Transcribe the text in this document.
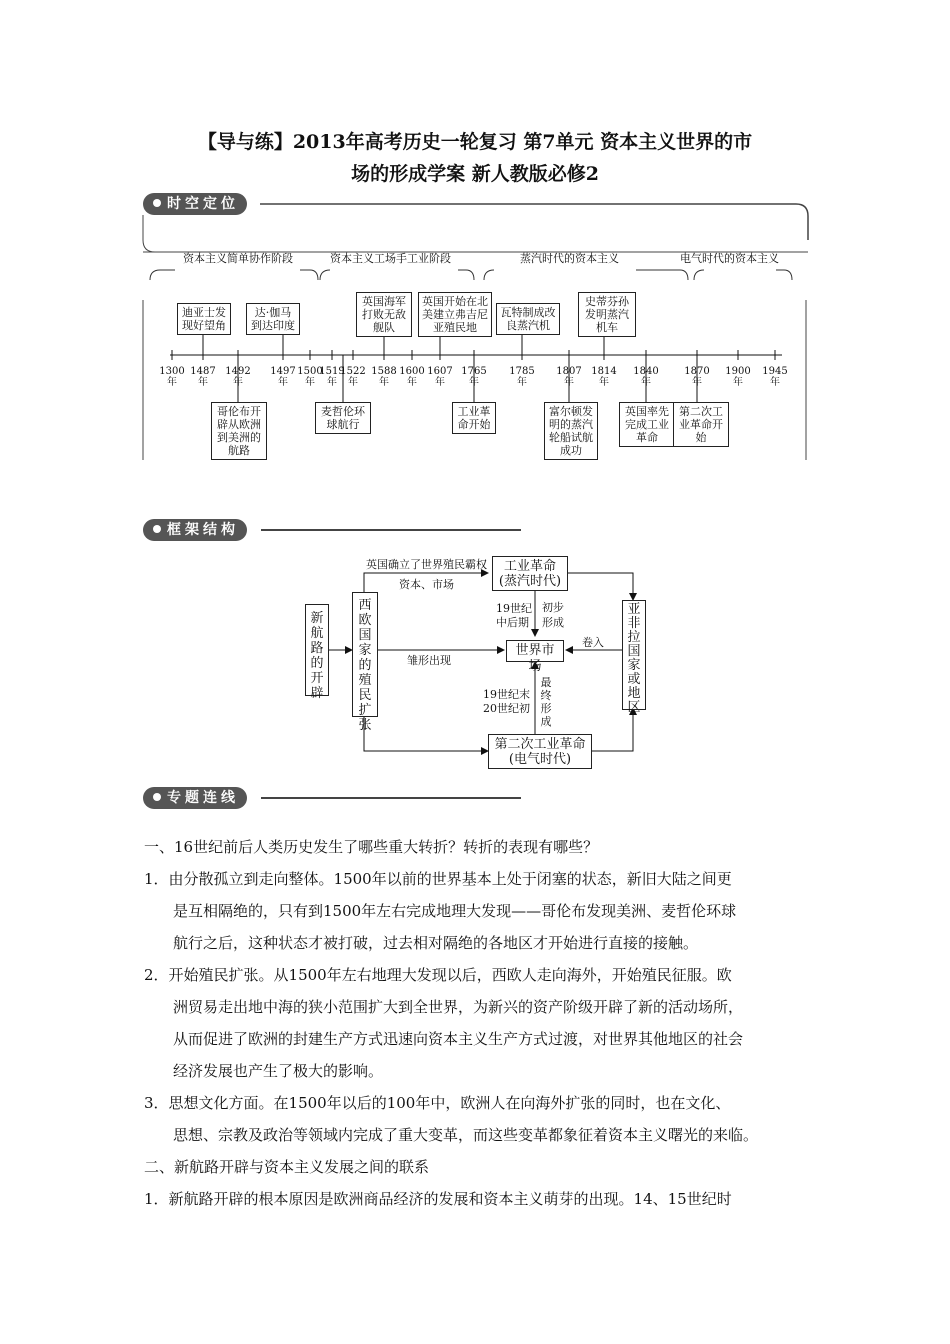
【导与练】2013年高考历史一轮复习 第7单元 资本主义世界的市
场的形成学案 新人教版必修2
时空定位
资本主义简单协作阶段	资本主义工场手工业阶段	蒸汽时代的资本主义	电气时代的资本主义
迪亚士发现好望角
达·伽马到达印度
英国海军打败无敌舰队
英国开始在北美建立弗吉尼亚殖民地
瓦特制成改良蒸汽机
史蒂芬孙发明蒸汽机车
1300
年
1487
年
1492
年
1497
年
1500
年
1519
年
1522
年
1588
年
1600
年
1607
年
1765
年
1785
年
1807
年
1814
年
1840
年
1870
年
1900
年
1945
年
哥伦布开辟从欧洲到美洲的航路
麦哲伦环球航行
工业革命开始
富尔顿发明的蒸汽轮船试航成功
英国率先完成工业革命
第二次工业革命开始
框架结构
新航路的开辟
西欧国家的殖民扩张
工业革命
(蒸汽时代)
世界市场
亚非拉国家或地区
第二次工业革命
(电气时代)
英国确立了世界殖民霸权
资本、市场
雏形出现
卷入
19世纪
中后期
初步形成
19世纪末
20世纪初
最终形成
专题连线
一、16世纪前后人类历史发生了哪些重大转折？转折的表现有哪些？
1．由分散孤立到走向整体。1500年以前的世界基本上处于闭塞的状态，新旧大陆之间更
是互相隔绝的，只有到1500年左右完成地理大发现——哥伦布发现美洲、麦哲伦环球
航行之后，这种状态才被打破，过去相对隔绝的各地区才开始进行直接的接触。
2．开始殖民扩张。从1500年左右地理大发现以后，西欧人走向海外，开始殖民征服。欧
洲贸易走出地中海的狭小范围扩大到全世界，为新兴的资产阶级开辟了新的活动场所，
从而促进了欧洲的封建生产方式迅速向资本主义生产方式过渡，对世界其他地区的社会
经济发展也产生了极大的影响。
3．思想文化方面。在1500年以后的100年中，欧洲人在向海外扩张的同时，也在文化、
思想、宗教及政治等领域内完成了重大变革，而这些变革都象征着资本主义曙光的来临。
二、新航路开辟与资本主义发展之间的联系
1．新航路开辟的根本原因是欧洲商品经济的发展和资本主义萌芽的出现。14、15世纪时
